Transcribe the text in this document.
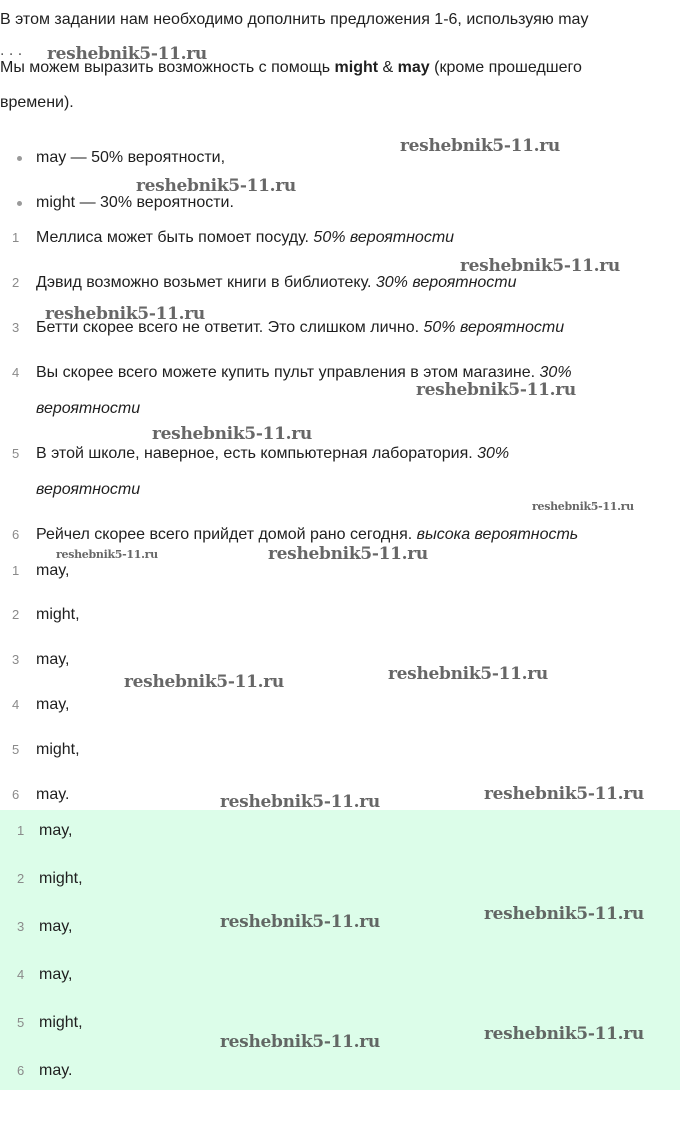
В этом задании нам необходимо дополнить предложения 1-6, используяю may
. . .
Мы можем выразить возможность с помощь might & may (кроме прошедшего
времени).
may — 50% вероятности,
might — 30% вероятности.
1	Меллиса может быть помоет посуду. 50% вероятности
2	Дэвид возможно возьмет книги в библиотеку. 30% вероятности
3	Бетти скорее всего не ответит. Это слишком лично. 50% вероятности
4	Вы скорее всего можете купить пульт управления в этом магазине. 30%
вероятности
5	В этой школе, наверное, есть компьютерная лаборатория. 30%
вероятности
6	Рейчел скорее всего прийдет домой рано сегодня. высока вероятность
1	may,
2	might,
3	may,
4	may,
5	might,
6	may.
1 may,
2 might,
3 may,
4 may,
5 might,
6 may.
reshebnik5-11.ru
reshebnik5-11.ru
reshebnik5-11.ru
reshebnik5-11.ru
reshebnik5-11.ru
reshebnik5-11.ru
reshebnik5-11.ru
reshebnik5-11.ru
reshebnik5-11.ru	reshebnik5-11.ru
reshebnik5-11.ru
reshebnik5-11.ru
reshebnik5-11.ru
reshebnik5-11.ru
reshebnik5-11.ru
reshebnik5-11.ru
reshebnik5-11.ru
reshebnik5-11.ru
